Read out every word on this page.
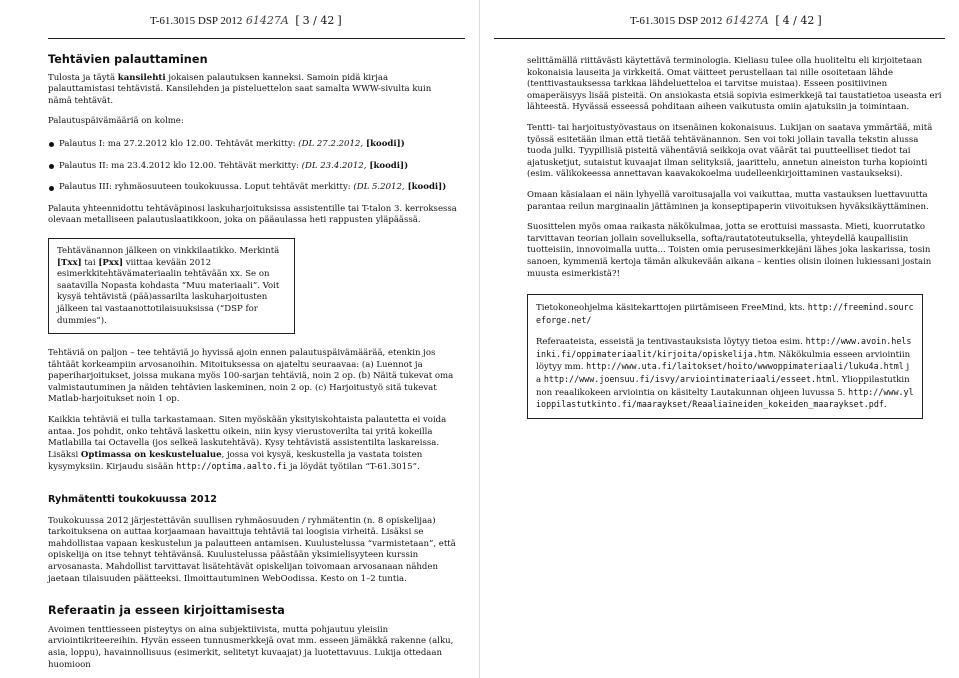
T-61.3015 DSP 2012 61427A [ 3 / 42 ]
Tehtävien palauttaminen

Tulosta ja täytä kansilehti jokaisen palautuksen kanneksi. Samoin pidä kirjaa palauttamistasi tehtävistä. Kansilehden ja pisteluettelon saat samalta WWW-sivulta kuin nämä tehtävät.

Palautuspäivämääriä on kolme:

Palautus I: ma 27.2.2012 klo 12.00. Tehtävät merkitty: (DL 27.2.2012, [koodi])
Palautus II: ma 23.4.2012 klo 12.00. Tehtävät merkitty: (DL 23.4.2012, [koodi])
Palautus III: ryhmäosuuteen toukokuussa. Loput tehtävät merkitty: (DL 5.2012, [koodi])

Palauta yhteennidottu tehtäväpinosi laskuharjoituksissa assistentille tai T-talon 3. kerroksessa olevaan metalliseen palautuslaatikkoon, joka on pääaulassa heti rappusten yläpäässä.

Tehtävänannon jälkeen on vinkkilaatikko. Merkintä [Txx] tai [Pxx] viittaa kevään 2012 esimerkkitehtävämateriaalin tehtävään xx. Se on saatavilla Nopasta kohdasta “Muu materiaali”. Voit kysyä tehtävistä (pää)assarilta laskuharjoitusten jälkeen tai vastaanottotilaisuuksissa (“DSP for dummies”).

Tehtäviä on paljon – tee tehtäviä jo hyvissä ajoin ennen palautuspäivämäärää, etenkin jos tähtäät korkeampiin arvosanoihin. Mitoituksessa on ajateltu seuraavaa: (a) Luennot ja paperiharjoitukset, joissa mukana myös 100-sarjan tehtäviä, noin 2 op. (b) Näitä tukevat oma valmistautuminen ja näiden tehtävien laskeminen, noin 2 op. (c) Harjoitustyö sitä tukevat Matlab-harjoitukset noin 1 op.

Kaikkia tehtäviä ei tulla tarkastamaan. Siten myöskään yksityiskohtaista palautetta ei voida antaa. Jos pohdit, onko tehtävä laskettu oikein, niin kysy vierustoverilta tai yritä kokeilla Matlabilla tai Octavella (jos selkeä laskutehtävä). Kysy tehtävistä assistentilta laskareissa. Lisäksi Optimassa on keskustelualue, jossa voi kysyä, keskustella ja vastata toisten kysymyksiin. Kirjaudu sisään http://optima.aalto.fi ja löydät työtilan “T-61.3015”.

Ryhmätentti toukokuussa 2012

Toukokuussa 2012 järjestettävän suullisen ryhmäosuuden / ryhmätentin (n. 8 opiskelijaa) tarkoituksena on auttaa korjaamaan havaittuja tehtäviä tai loogisia virheitä. Lisäksi se mahdollistaa vapaan keskustelun ja palautteen antamisen. Kuulustelussa “varmistetaan”, että opiskelija on itse tehnyt tehtävänsä. Kuulustelussa päästään yksimielisyyteen kurssin arvosanasta. Mahdollist tarvittavat lisätehtävät opiskelijan toivomaan arvosanaan nähden jaetaan tilaisuuden päätteeksi. Ilmoittautuminen WebOodissa. Kesto on 1–2 tuntia.

Referaatin ja esseen kirjoittamisesta

Avoimen tenttiesseen pisteytys on aina subjektiivista, mutta pohjautuu yleisiin arviointikriteereihin. Hyvän esseen tunnusmerkkejä ovat mm. esseen jämäkkä rakenne (alku, asia, loppu), havainnollisuus (esimerkit, selitetyt kuvaajat) ja luotettavuus. Lukija ottedaan huomioon

T-61.3015 DSP 2012 61427A [ 4 / 42 ]

selittämällä riittävästi käytettävä terminologia. Kieliasu tulee olla huoliteltu eli kirjoitetaan kokonaisia lauseita ja virkkeitä. Omat väitteet perustellaan tai nille osoitetaan lähde (tenttivastauksessa tarkkaa lähdeluetteloa ei tarvitse muistaa). Esseen positiivinen omaperäisyys lisää pisteitä. On ansiokasta etsiä sopivia esimerkkejä tai taustatietoa useasta eri lähteestä. Hyvässä esseessä pohditaan aiheen vaikutusta omiin ajatuksiin ja toimintaan.

Tentti- tai harjoitustyövastaus on itsenäinen kokonaisuus. Lukijan on saatava ymmärtää, mitä työssä esitetään ilman että tietää tehtävänannon. Sen voi toki jollain tavalla tekstin alussa tuoda julki. Tyypillisiä pisteitä vähentäviä seikkoja ovat väärät tai puutteelliset tiedot tai ajatusketjut, sutaistut kuvaajat ilman selityksiä, jaarittelu, annetun aineiston turha kopiointi (esim. välikokeessa annettavan kaavakokoelma uudelleenkirjoittaminen vastaukseksi).

Omaan käsialaan ei näin lyhyellä varoitusajalla voi vaikuttaa, mutta vastauksen luettavuutta parantaa reilun marginaalin jättäminen ja konseptipaperin viivoituksen hyväksikäyttäminen.

Suosittelen myös omaa raikasta näkökulmaa, jotta se erottuisi massasta. Mieti, kuorrutatko tarvittavan teorian jollain sovelluksella, softa/rautatoteutuksella, yhteydellä kaupallisiin tuotteisiin, innovoimalla uutta... Toisten omia perusesimerkkejäni lähes joka laskarissa, tosin sanoen, kymmeniä kertoja tämän alkukevään aikana – kenties olisin iloinen lukiessani jostain muusta esimerkistä?!

Tietokoneohjelma käsitekarttojen piirtämiseen FreeMind, kts. http://freemind.sourceforge.net/

Referaateista, esseistä ja tentivastauksista löytyy tietoa esim. http://www.avoin.helsinki.fi/oppimateriaalit/kirjoita/opiskelija.htm. Näkökulmia esseen arviointiin löytyy mm. http://www.uta.fi/laitokset/hoito/wwwoppimateriaali/luku4a.html ja http://www.joensuu.fi/isvy/arviointimateriaali/esseet.html. Ylioppilastutkinnon reaalikokeen arviointia on käsitelty Lautakunnan ohjeen luvussa 5. http://www.ylioppilastutkinto.fi/maaraykset/Reaaliaineiden_kokeiden_maaraykset.pdf.
